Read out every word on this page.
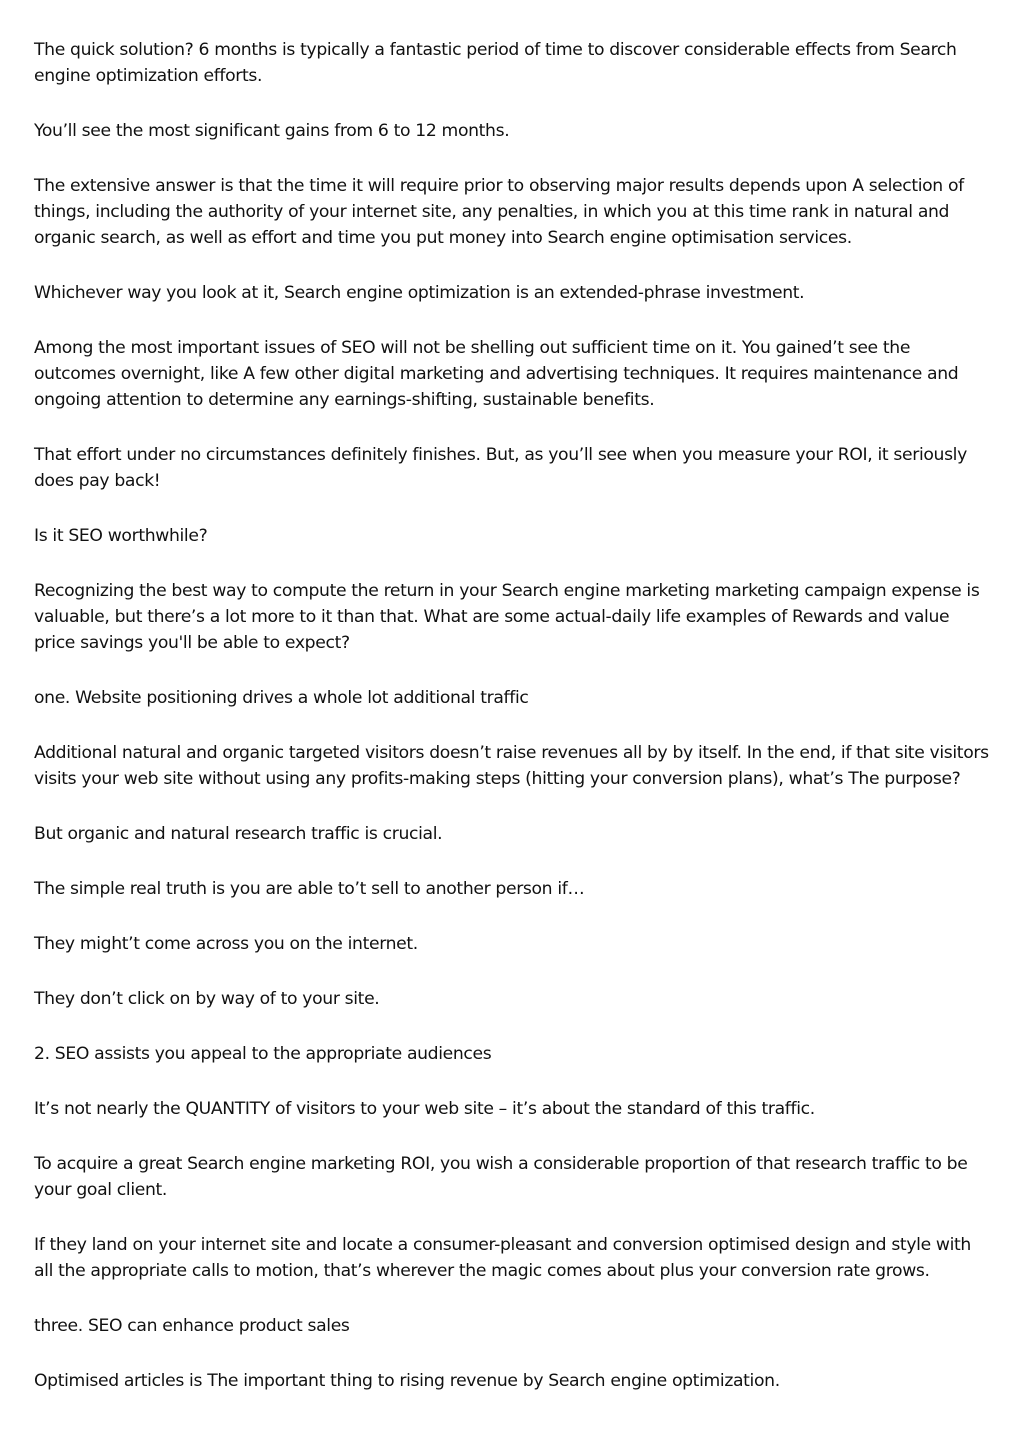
The quick solution? 6 months is typically a fantastic period of time to discover considerable effects from Search engine optimization efforts.

You’ll see the most significant gains from 6 to 12 months.

The extensive answer is that the time it will require prior to observing major results depends upon A selection of things, including the authority of your internet site, any penalties, in which you at this time rank in natural and organic search, as well as effort and time you put money into Search engine optimisation services.

Whichever way you look at it, Search engine optimization is an extended-phrase investment.

Among the most important issues of SEO will not be shelling out sufficient time on it. You gained’t see the outcomes overnight, like A few other digital marketing and advertising techniques. It requires maintenance and ongoing attention to determine any earnings-shifting, sustainable benefits.

That effort under no circumstances definitely finishes. But, as you’ll see when you measure your ROI, it seriously does pay back!

Is it SEO worthwhile?

Recognizing the best way to compute the return in your Search engine marketing marketing campaign expense is valuable, but there’s a lot more to it than that. What are some actual-daily life examples of Rewards and value price savings you'll be able to expect?

one. Website positioning drives a whole lot additional traffic

Additional natural and organic targeted visitors doesn’t raise revenues all by by itself. In the end, if that site visitors visits your web site without using any profits-making steps (hitting your conversion plans), what’s The purpose?

But organic and natural research traffic is crucial.

The simple real truth is you are able to’t sell to another person if…

They might’t come across you on the internet.

They don’t click on by way of to your site.

2. SEO assists you appeal to the appropriate audiences

It’s not nearly the QUANTITY of visitors to your web site – it’s about the standard of this traffic.

To acquire a great Search engine marketing ROI, you wish a considerable proportion of that research traffic to be your goal client.

If they land on your internet site and locate a consumer-pleasant and conversion optimised design and style with all the appropriate calls to motion, that’s wherever the magic comes about plus your conversion rate grows.

three. SEO can enhance product sales

Optimised articles is The important thing to rising revenue by Search engine optimization.
